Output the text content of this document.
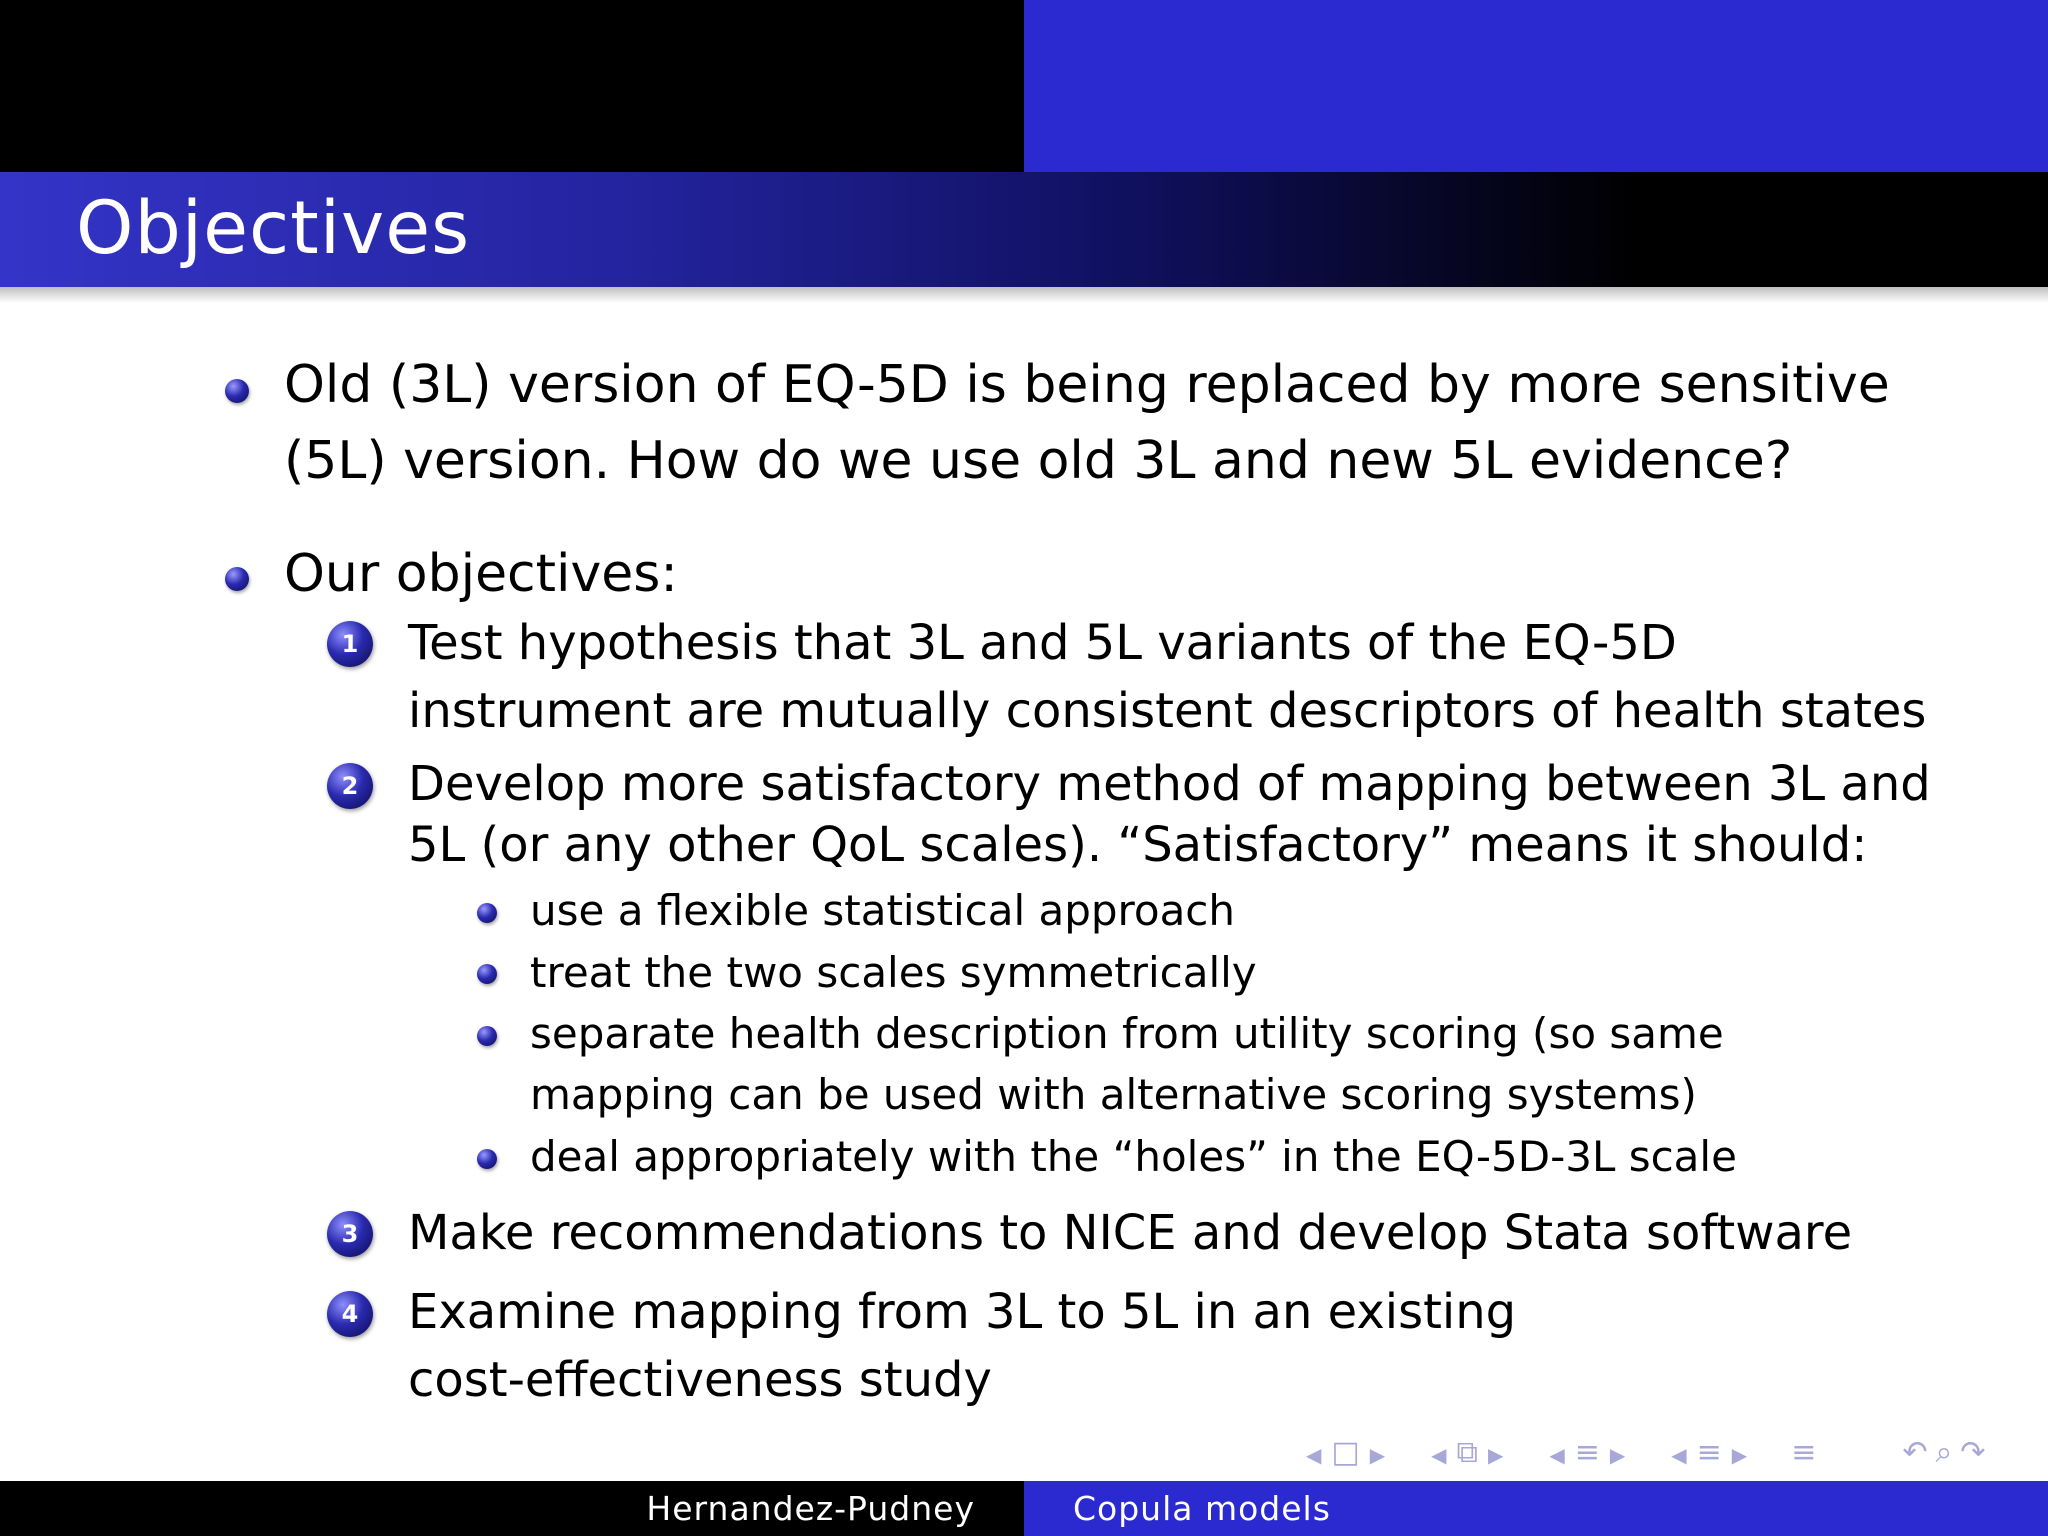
Objectives
Old (3L) version of EQ-5D is being replaced by more sensitive
(5L) version. How do we use old 3L and new 5L evidence?
Our objectives:
1	Test hypothesis that 3L and 5L variants of the EQ-5D
instrument are mutually consistent descriptors of health states
2	Develop more satisfactory method of mapping between 3L and
5L (or any other QoL scales). “Satisfactory” means it should:
use a flexible statistical approach
treat the two scales symmetrically
separate health description from utility scoring (so same
mapping can be used with alternative scoring systems)
deal appropriately with the “holes” in the EQ-5D-3L scale
3	Make recommendations to NICE and develop Stata software
4	Examine mapping from 3L to 5L in an existing
cost-effectiveness study
◀ □ ▶	◀ ⧉ ▶	◀ ≡ ▶	◀ ≡ ▶ ≡	↶ ⌕ ↷
Hernandez-Pudney	Copula models
